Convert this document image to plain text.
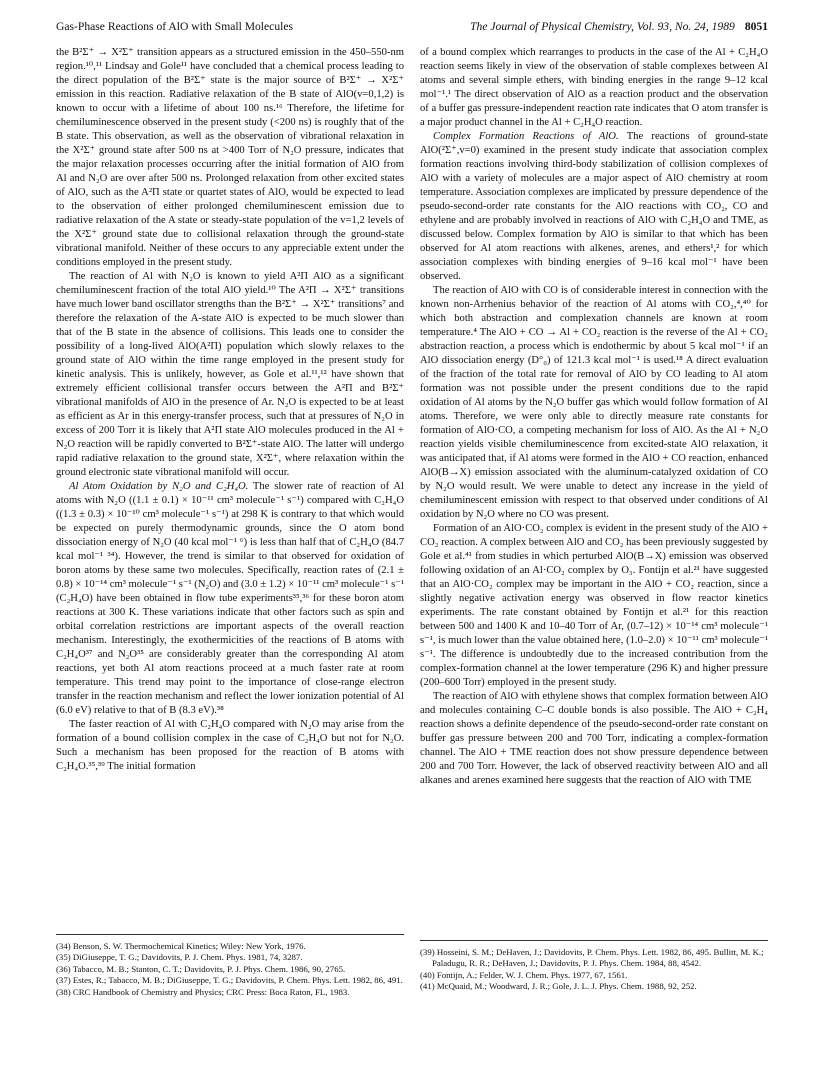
Gas-Phase Reactions of AlO with Small Molecules	The Journal of Physical Chemistry, Vol. 93, No. 24, 1989 8051

the B²Σ⁺ → X²Σ⁺ transition appears as a structured emission in the 450–550-nm region.¹⁰,¹¹ Lindsay and Gole¹¹ have concluded that a chemical process leading to the direct population of the B²Σ⁺ state is the major source of B²Σ⁺ → X²Σ⁺ emission in this reaction. Radiative relaxation of the B state of AlO(v=0,1,2) is known to occur with a lifetime of about 100 ns.¹⁶ Therefore, the lifetime for chemiluminescence observed in the present study (<200 ns) is roughly that of the B state. This observation, as well as the observation of vibrational relaxation in the X²Σ⁺ ground state after 500 ns at >400 Torr of N₂O pressure, indicates that the major relaxation processes occurring after the initial formation of AlO from Al and N₂O are over after 500 ns. Prolonged relaxation from other excited states of AlO, such as the A²Π state or quartet states of AlO, would be expected to lead to the observation of either prolonged chemiluminescent emission due to radiative relaxation of the A state or steady-state population of the v=1,2 levels of the X²Σ⁺ ground state due to collisional relaxation through the ground-state vibrational manifold. Neither of these occurs to any appreciable extent under the conditions employed in the present study.

The reaction of Al with N₂O is known to yield A²Π AlO as a significant chemiluminescent fraction of the total AlO yield.¹⁰ The A²Π → X²Σ⁺ transitions have much lower band oscillator strengths than the B²Σ⁺ → X²Σ⁺ transitions⁷ and therefore the relaxation of the A-state AlO is expected to be much slower than that of the B state in the absence of collisions. This leads one to consider the possibility of a long-lived AlO(A²Π) population which slowly relaxes to the ground state of AlO within the time range employed in the present study for kinetic analysis. This is unlikely, however, as Gole et al.¹¹,¹² have shown that extremely efficient collisional transfer occurs between the A²Π and B²Σ⁺ vibrational manifolds of AlO in the presence of Ar. N₂O is expected to be at least as efficient as Ar in this energy-transfer process, such that at pressures of N₂O in excess of 200 Torr it is likely that A²Π state AlO molecules produced in the Al + N₂O reaction will be rapidly converted to B²Σ⁺-state AlO. The latter will undergo rapid radiative relaxation to the ground state, X²Σ⁺, where relaxation within the ground electronic state vibrational manifold will occur.

Al Atom Oxidation by N₂O and C₂H₄O. The slower rate of reaction of Al atoms with N₂O ((1.1 ± 0.1) × 10⁻¹¹ cm³ molecule⁻¹ s⁻¹) compared with C₂H₄O ((1.3 ± 0.3) × 10⁻¹⁰ cm³ molecule⁻¹ s⁻¹) at 298 K is contrary to that which would be expected on purely thermodynamic grounds, since the O atom bond dissociation energy of N₂O (40 kcal mol⁻¹ ⁶) is less than half that of C₂H₄O (84.7 kcal mol⁻¹ ³⁴). However, the trend is similar to that observed for oxidation of boron atoms by these same two molecules. Specifically, reaction rates of (2.1 ± 0.8) × 10⁻¹⁴ cm³ molecule⁻¹ s⁻¹ (N₂O) and (3.0 ± 1.2) × 10⁻¹¹ cm³ molecule⁻¹ s⁻¹ (C₂H₄O) have been obtained in flow tube experiments³⁵,³⁶ for these boron atom reactions at 300 K. These variations indicate that other factors such as spin and orbital correlation restrictions are important aspects of the overall reaction mechanism. Interestingly, the exothermicities of the reactions of B atoms with C₂H₄O³⁷ and N₂O³⁵ are considerably greater than the corresponding Al atom reactions, yet both Al atom reactions proceed at a much faster rate at room temperature. This trend may point to the importance of close-range electron transfer in the reaction mechanism and reflect the lower ionization potential of Al (6.0 eV) relative to that of B (8.3 eV).³⁸

The faster reaction of Al with C₂H₄O compared with N₂O may arise from the formation of a bound collision complex in the case of C₂H₄O but not for N₂O. Such a mechanism has been proposed for the reaction of B atoms with C₂H₄O.³⁵,³⁹ The initial formation

of a bound complex which rearranges to products in the case of the Al + C₂H₄O reaction seems likely in view of the observation of stable complexes between Al atoms and several simple ethers, with binding energies in the range 9–12 kcal mol⁻¹.¹ The direct observation of AlO as a reaction product and the observation of a buffer gas pressure-independent reaction rate indicates that O atom transfer is a major product channel in the Al + C₂H₄O reaction.

Complex Formation Reactions of AlO. The reactions of ground-state AlO(²Σ⁺,v=0) examined in the present study indicate that association complex formation reactions involving third-body stabilization of collision complexes of AlO with a variety of molecules are a major aspect of AlO chemistry at room temperature. Association complexes are implicated by pressure dependence of the pseudo-second-order rate constants for the AlO reactions with CO₂, CO and ethylene and are probably involved in reactions of AlO with C₂H₄O and TME, as discussed below. Complex formation by AlO is similar to that which has been observed for Al atom reactions with alkenes, arenes, and ethers¹,² for which association complexes with binding energies of 9–16 kcal mol⁻¹ have been observed.

The reaction of AlO with CO is of considerable interest in connection with the known non-Arrhenius behavior of the reaction of Al atoms with CO₂,⁴,⁴⁰ for which both abstraction and complexation channels are known at room temperature.⁴ The AlO + CO → Al + CO₂ reaction is the reverse of the Al + CO₂ abstraction reaction, a process which is endothermic by about 5 kcal mol⁻¹ if an AlO dissociation energy (D°₀) of 121.3 kcal mol⁻¹ is used.¹⁸ A direct evaluation of the fraction of the total rate for removal of AlO by CO leading to Al atom formation was not possible under the present conditions due to the rapid oxidation of Al atoms by the N₂O buffer gas which would follow formation of Al atoms. Therefore, we were only able to directly measure rate constants for formation of AlO·CO, a competing mechanism for loss of AlO. As the Al + N₂O reaction yields visible chemiluminescence from excited-state AlO relaxation, it was anticipated that, if Al atoms were formed in the AlO + CO reaction, enhanced AlO(B→X) emission associated with the aluminum-catalyzed oxidation of CO by N₂O would result. We were unable to detect any increase in the yield of chemiluminescent emission with respect to that observed under conditions of Al oxidation by N₂O where no CO was present.

Formation of an AlO·CO₂ complex is evident in the present study of the AlO + CO₂ reaction. A complex between AlO and CO₂ has been previously suggested by Gole et al.⁴¹ from studies in which perturbed AlO(B→X) emission was observed following oxidation of an Al·CO₂ complex by O₃. Fontijn et al.²¹ have suggested that an AlO·CO₂ complex may be important in the AlO + CO₂ reaction, since a slightly negative activation energy was observed in flow reactor kinetics experiments. The rate constant obtained by Fontijn et al.²¹ for this reaction between 500 and 1400 K and 10–40 Torr of Ar, (0.7–12) × 10⁻¹⁴ cm³ molecule⁻¹ s⁻¹, is much lower than the value obtained here, (1.0–2.0) × 10⁻¹¹ cm³ molecule⁻¹ s⁻¹. The difference is undoubtedly due to the increased contribution from the complex-formation channel at the lower temperature (296 K) and higher pressure (200–600 Torr) employed in the present study.

The reaction of AlO with ethylene shows that complex formation between AlO and molecules containing C–C double bonds is also possible. The AlO + C₂H₄ reaction shows a definite dependence of the pseudo-second-order rate constant on buffer gas pressure between 200 and 700 Torr, indicating a complex-formation channel. The AlO + TME reaction does not show pressure dependence between 200 and 700 Torr. However, the lack of observed reactivity between AlO and all alkanes and arenes examined here suggests that the reaction of AlO with TME

(34) Benson, S. W. Thermochemical Kinetics; Wiley: New York, 1976.

(35) DiGiuseppe, T. G.; Davidovits, P. J. Chem. Phys. 1981, 74, 3287.

(36) Tabacco, M. B.; Stanton, C. T.; Davidovits, P. J. Phys. Chem. 1986, 90, 2765.

(37) Estes, R.; Tabacco, M. B.; DiGiuseppe, T. G.; Davidovits, P. Chem. Phys. Lett. 1982, 86, 491.

(38) CRC Handbook of Chemistry and Physics; CRC Press: Boca Raton, FL, 1983.

(39) Hosseini, S. M.; DeHaven, J.; Davidovits, P. Chem. Phys. Lett. 1982, 86, 495. Bullitt, M. K.; Paladugu, R. R.; DeHaven, J.; Davidovits, P. J. Phys. Chem. 1984, 88, 4542.

(40) Fontijn, A.; Felder, W. J. Chem. Phys. 1977, 67, 1561.

(41) McQuaid, M.; Woodward, J. R.; Gole, J. L. J. Phys. Chem. 1988, 92, 252.
